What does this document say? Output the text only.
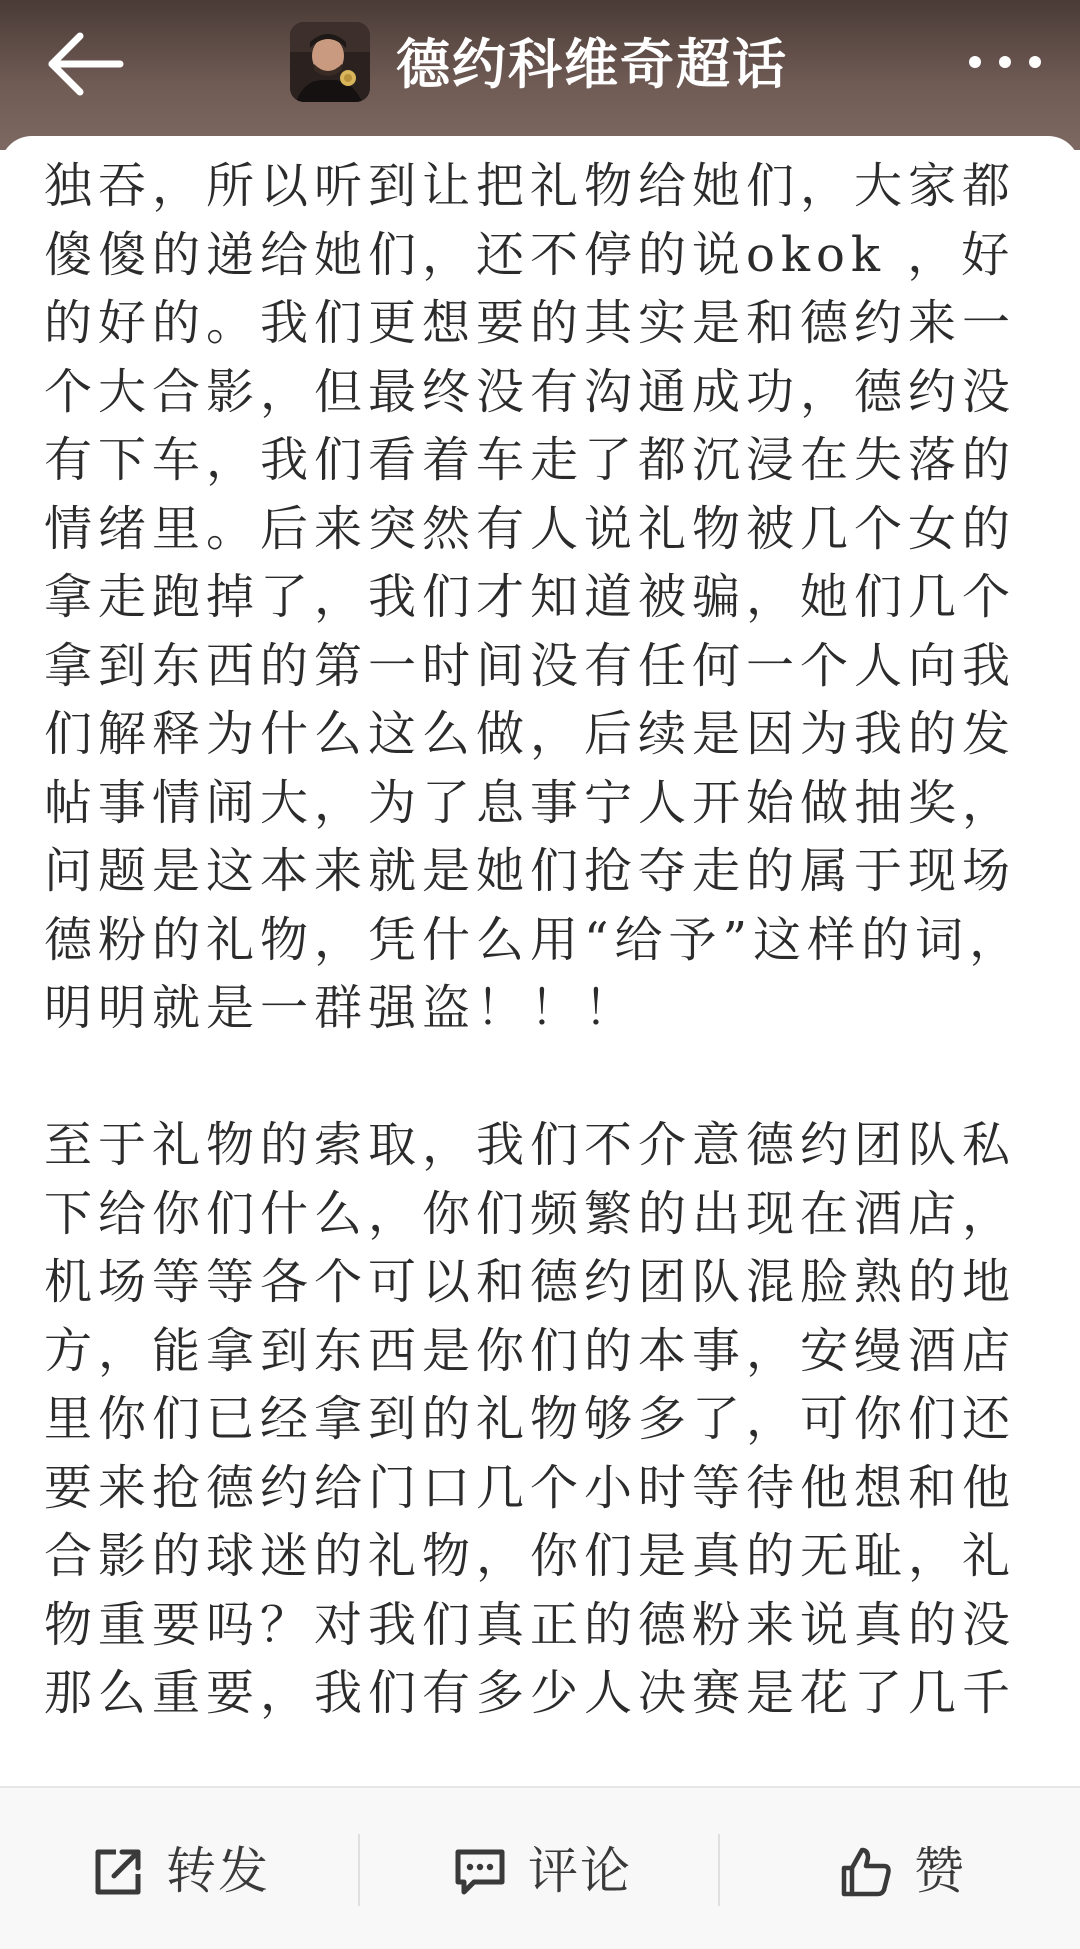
德约科维奇超话

独吞，所以听到让把礼物给她们，大家都傻傻的递给她们，还不停的说okok ，好的好的。我们更想要的其实是和德约来一个大合影，但最终没有沟通成功，德约没有下车，我们看着车走了都沉浸在失落的情绪里。后来突然有人说礼物被几个女的拿走跑掉了，我们才知道被骗，她们几个拿到东西的第一时间没有任何一个人向我们解释为什么这么做，后续是因为我的发帖事情闹大，为了息事宁人开始做抽奖，问题是这本来就是她们抢夺走的属于现场德粉的礼物，凭什么用“给予”这样的词，明明就是一群强盗！！！

至于礼物的索取，我们不介意德约团队私下给你们什么，你们频繁的出现在酒店，机场等等各个可以和德约团队混脸熟的地方，能拿到东西是你们的本事，安缦酒店里你们已经拿到的礼物够多了，可你们还要来抢德约给门口几个小时等待他想和他合影的球迷的礼物，你们是真的无耻，礼物重要吗？对我们真正的德粉来说真的没那么重要，我们有多少人决赛是花了几千

转发	评论	赞
